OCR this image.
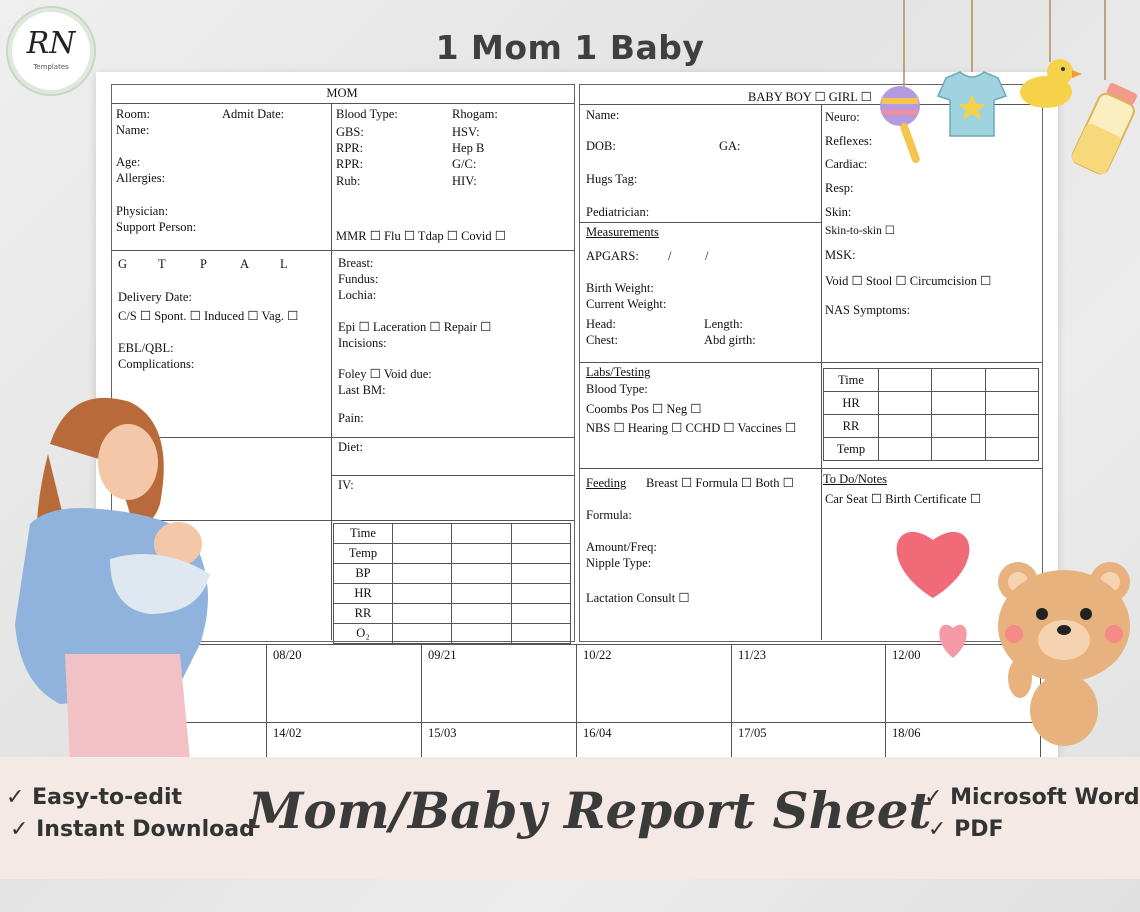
RN
Templates	1 Mom 1 Baby
MOM
Room:	Admit Date:
Name:
Age:
Allergies:
Physician:
Support Person:
Blood Type:	Rhogam:
GBS:	HSV:
RPR:	Hep B
RPR:	G/C:
Rub:	HIV:
MMR ☐ Flu ☐ Tdap ☐ Covid ☐
G T	P	A L
Delivery Date:
C/S ☐ Spont. ☐ Induced ☐ Vag. ☐
EBL/QBL:
Complications:
Breast:
Fundus:
Lochia:
Epi ☐ Laceration ☐ Repair ☐
Incisions:
Foley ☐ Void due:
Last BM:
Pain:
Diet:
IV:
Time			
Temp			
BP			
HR			
RR			
O₂			
BABY BOY ☐ GIRL ☐
Name:
DOB:	GA:
Hugs Tag:
Pediatrician:
Measurements
APGARS: /	/
Birth Weight:
Current Weight:
Head:	Length:
Chest:	Abd girth:
Neuro:
Reflexes:
Cardiac:
Resp:
Skin:
Skin-to-skin ☐
MSK:
Void ☐ Stool ☐ Circumcision ☐
NAS Symptoms:
Labs/Testing
Blood Type:
Coombs Pos ☐ Neg ☐
NBS ☐ Hearing ☐ CCHD ☐ Vaccines ☐
Time			
HR			
RR			
Temp			
Feeding Breast ☐ Formula ☐ Both ☐
Formula:
Amount/Freq:
Nipple Type:
Lactation Consult ☐
To Do/Notes
Car Seat ☐ Birth Certificate ☐
08/20	09/21	10/22	11/23	12/00
14/02	15/03	16/04	17/05	18/06
✓ Easy-to-edit
✓ Instant Download
Mom/Baby Report Sheet
✓ Microsoft Word
✓ PDF
